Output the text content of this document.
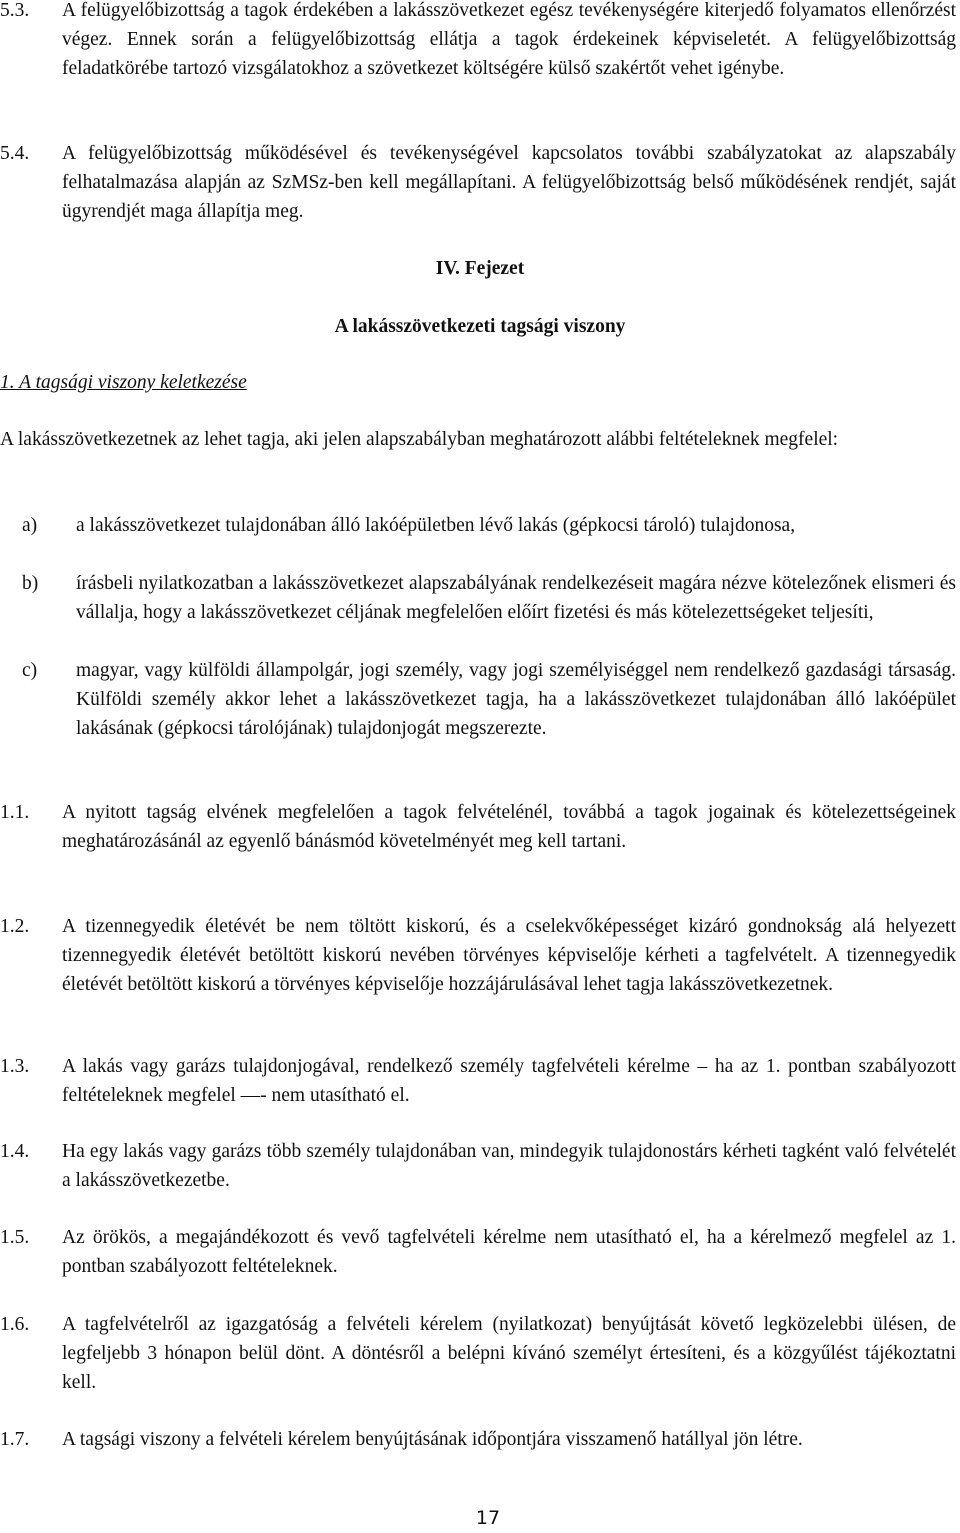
5.3. A felügyelőbizottság a tagok érdekében a lakásszövetkezet egész tevékenységére kiterjedő folyamatos ellenőrzést végez. Ennek során a felügyelőbizottság ellátja a tagok érdekeinek képviseletét. A felügyelőbizottság feladatkörébe tartozó vizsgálatokhoz a szövetkezet költségére külső szakértőt vehet igénybe.

5.4. A felügyelőbizottság működésével és tevékenységével kapcsolatos további szabályzatokat az alapszabály felhatalmazása alapján az SzMSz-ben kell megállapítani. A felügyelőbizottság belső működésének rendjét, saját ügyrendjét maga állapítja meg.

IV. Fejezet

A lakásszövetkezeti tagsági viszony

1. A tagsági viszony keletkezése

A lakásszövetkezetnek az lehet tagja, aki jelen alapszabályban meghatározott alábbi feltételeknek megfelel:

a) a lakásszövetkezet tulajdonában álló lakóépületben lévő lakás (gépkocsi tároló) tulajdonosa,

b) írásbeli nyilatkozatban a lakásszövetkezet alapszabályának rendelkezéseit magára nézve kötelezőnek elismeri és vállalja, hogy a lakásszövetkezet céljának megfelelően előírt fizetési és más kötelezettségeket teljesíti,

c) magyar, vagy külföldi állampolgár, jogi személy, vagy jogi személyiséggel nem rendelkező gazdasági társaság. Külföldi személy akkor lehet a lakásszövetkezet tagja, ha a lakásszövetkezet tulajdonában álló lakóépület lakásának (gépkocsi tárolójának) tulajdonjogát megszerezte.

1.1. A nyitott tagság elvének megfelelően a tagok felvételénél, továbbá a tagok jogainak és kötelezettségeinek meghatározásánál az egyenlő bánásmód követelményét meg kell tartani.

1.2. A tizennegyedik életévét be nem töltött kiskorú, és a cselekvőképességet kizáró gondnokság alá helyezett tizennegyedik életévét betöltött kiskorú nevében törvényes képviselője kérheti a tagfelvételt. A tizennegyedik életévét betöltött kiskorú a törvényes képviselője hozzájárulásával lehet tagja lakásszövetkezetnek.

1.3. A lakás vagy garázs tulajdonjogával, rendelkező személy tagfelvételi kérelme – ha az 1. pontban szabályozott feltételeknek megfelel —- nem utasítható el.

1.4. Ha egy lakás vagy garázs több személy tulajdonában van, mindegyik tulajdonostárs kérheti tagként való felvételét a lakásszövetkezetbe.

1.5. Az örökös, a megajándékozott és vevő tagfelvételi kérelme nem utasítható el, ha a kérelmező megfelel az 1. pontban szabályozott feltételeknek.

1.6. A tagfelvételről az igazgatóság a felvételi kérelem (nyilatkozat) benyújtását követő legközelebbi ülésen, de legfeljebb 3 hónapon belül dönt. A döntésről a belépni kívánó személyt értesíteni, és a közgyűlést tájékoztatni kell.

1.7. A tagsági viszony a felvételi kérelem benyújtásának időpontjára visszamenő hatállyal jön létre.

17
